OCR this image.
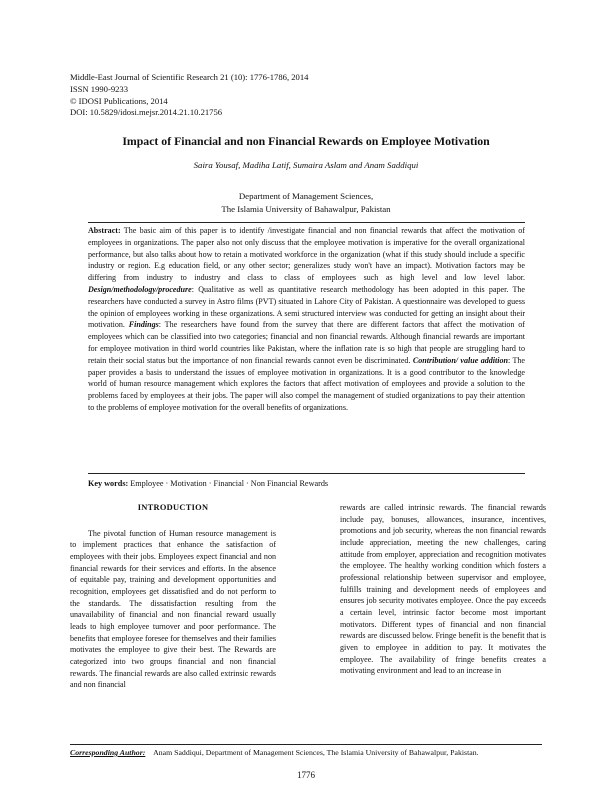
Middle-East Journal of Scientific Research 21 (10): 1776-1786, 2014
ISSN 1990-9233
© IDOSI Publications, 2014
DOI: 10.5829/idosi.mejsr.2014.21.10.21756
Impact of Financial and non Financial Rewards on Employee Motivation
Saira Yousaf, Madiha Latif, Sumaira Aslam and Anam Saddiqui
Department of Management Sciences,
The Islamia University of Bahawalpur, Pakistan
Abstract: The basic aim of this paper is to identify /investigate financial and non financial rewards that affect the motivation of employees in organizations. The paper also not only discuss that the employee motivation is imperative for the overall organizational performance, but also talks about how to retain a motivated workforce in the organization (what if this study should include a specific industry or region. E.g education field, or any other sector; generalizes study won't have an impact). Motivation factors may be differing from industry to industry and class to class of employees such as high level and low level labor. Design/methodology/procedure: Qualitative as well as quantitative research methodology has been adopted in this paper. The researchers have conducted a survey in Astro films (PVT) situated in Lahore City of Pakistan. A questionnaire was developed to guess the opinion of employees working in these organizations. A semi structured interview was conducted for getting an insight about their motivation. Findings: The researchers have found from the survey that there are different factors that affect the motivation of employees which can be classified into two categories; financial and non financial rewards. Although financial rewards are important for employee motivation in third world countries like Pakistan, where the inflation rate is so high that people are struggling hard to retain their social status but the importance of non financial rewards cannot even be discriminated. Contribution/ value addition: The paper provides a basis to understand the issues of employee motivation in organizations. It is a good contributor to the knowledge world of human resource management which explores the factors that affect motivation of employees and provide a solution to the problems faced by employees at their jobs. The paper will also compel the management of studied organizations to pay their attention to the problems of employee motivation for the overall benefits of organizations.
Key words: Employee · Motivation · Financial · Non Financial Rewards
INTRODUCTION

The pivotal function of Human resource management is to implement practices that enhance the satisfaction of employees with their jobs. Employees expect financial and non financial rewards for their services and efforts. In the absence of equitable pay, training and development opportunities and recognition, employees get dissatisfied and do not perform to the standards. The dissatisfaction resulting from the unavailability of financial and non financial reward usually leads to high employee turnover and poor performance. The benefits that employee foresee for themselves and their families motivates the employee to give their best. The Rewards are categorized into two groups financial and non financial rewards. The financial rewards are also called extrinsic rewards and non financial

rewards are called intrinsic rewards. The financial rewards include pay, bonuses, allowances, insurance, incentives, promotions and job security, whereas the non financial rewards include appreciation, meeting the new challenges, caring attitude from employer, appreciation and recognition motivates the employee. The healthy working condition which fosters a professional relationship between supervisor and employee, fulfills training and development needs of employees and ensures job security motivates employee. Once the pay exceeds a certain level, intrinsic factor become most important motivators. Different types of financial and non financial rewards are discussed below. Fringe benefit is the benefit that is given to employee in addition to pay. It motivates the employee. The availability of fringe benefits creates a motivating environment and lead to an increase in

Corresponding Author: Anam Saddiqui, Department of Management Sciences, The Islamia University of Bahawalpur, Pakistan.
1776
